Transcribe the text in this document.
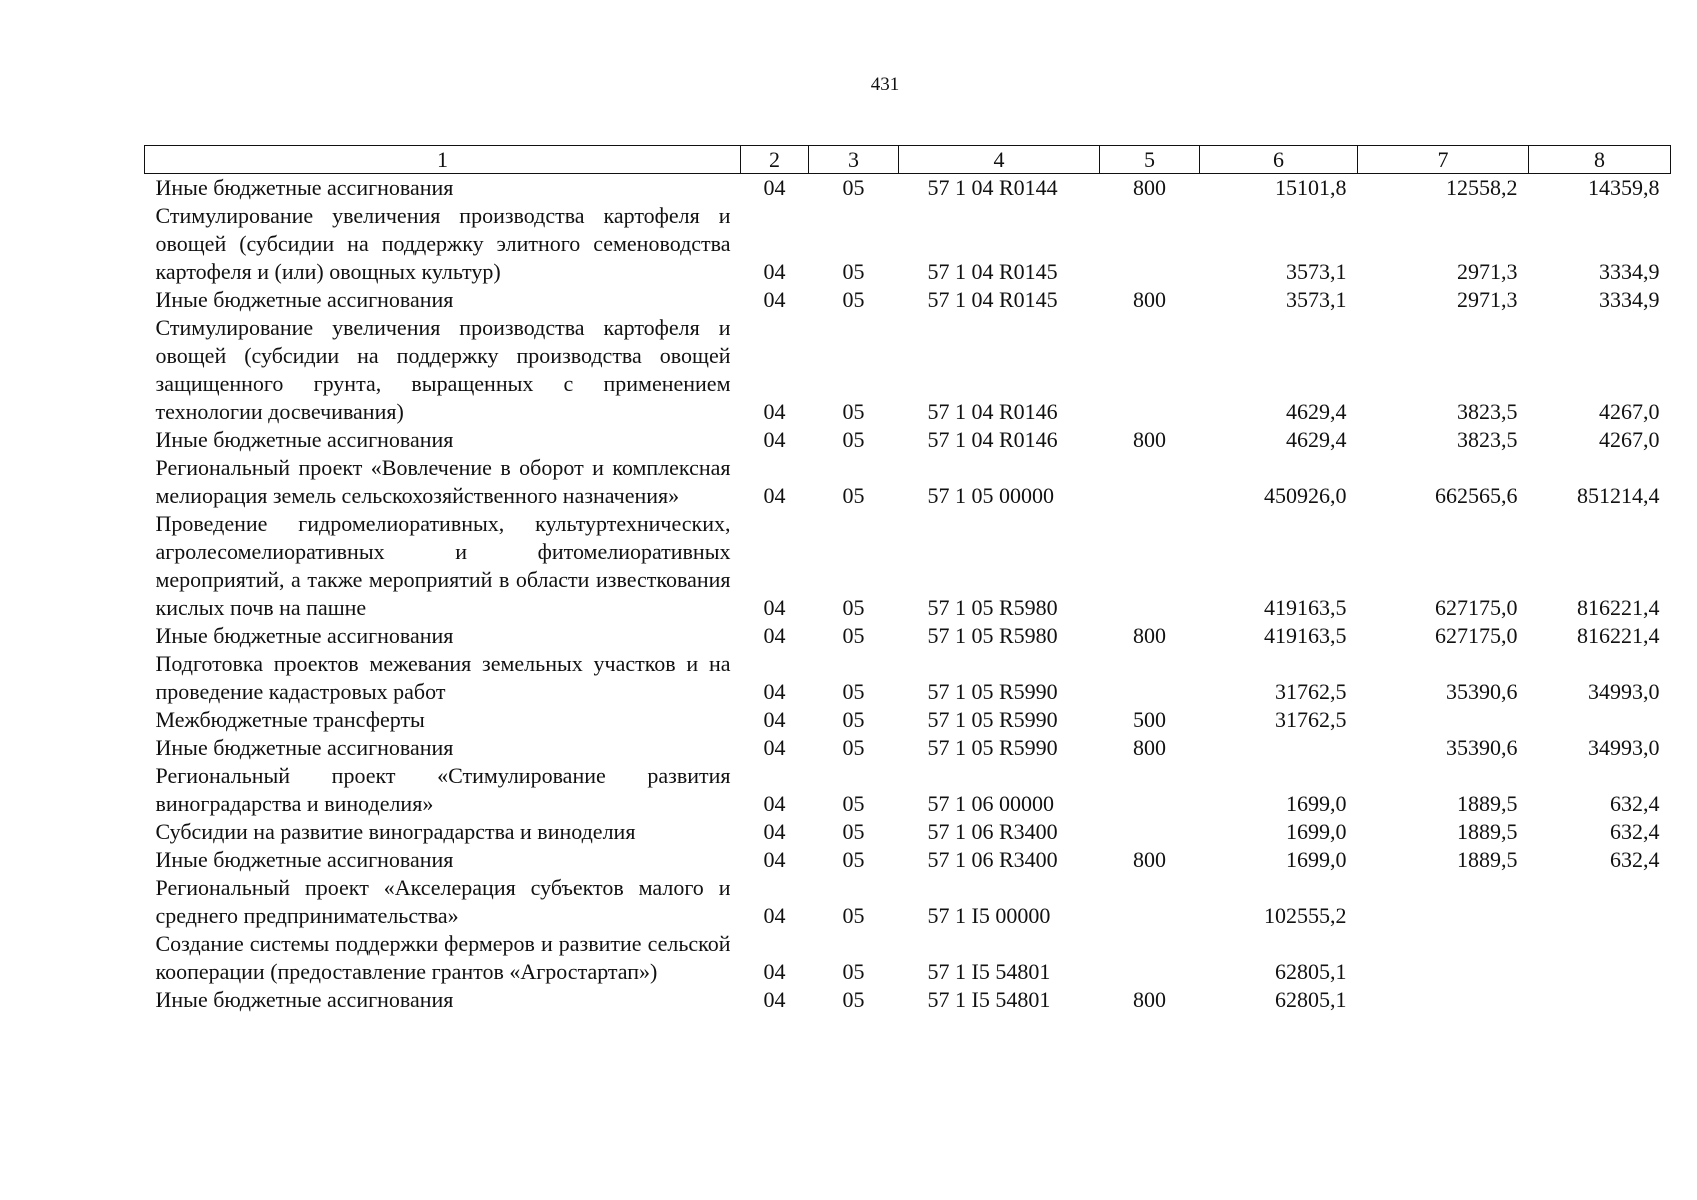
431
1	2	3	4	5	6	7	8
Иные бюджетные ассигнования	04	05	57 1 04 R0144	800	15101,8	12558,2	14359,8
Стимулирование увеличения производства картофеля и овощей (субсидии на поддержку элитного семеноводства картофеля и (или) овощных культур)	04	05	57 1 04 R0145		3573,1	2971,3	3334,9
Иные бюджетные ассигнования	04	05	57 1 04 R0145	800	3573,1	2971,3	3334,9
Стимулирование увеличения производства картофеля и овощей (субсидии на поддержку производства овощей защищенного грунта, выращенных с применением технологии досвечивания)	04	05	57 1 04 R0146		4629,4	3823,5	4267,0
Иные бюджетные ассигнования	04	05	57 1 04 R0146	800	4629,4	3823,5	4267,0
Региональный проект «Вовлечение в оборот и комплексная мелиорация земель сельскохозяйственного назначения»	04	05	57 1 05 00000		450926,0	662565,6	851214,4
Проведение гидромелиоративных, культуртехнических, агролесомелиоративных и фитомелиоративных мероприятий, а также мероприятий в области известкования кислых почв на пашне	04	05	57 1 05 R5980		419163,5	627175,0	816221,4
Иные бюджетные ассигнования	04	05	57 1 05 R5980	800	419163,5	627175,0	816221,4
Подготовка проектов межевания земельных участков и на проведение кадастровых работ	04	05	57 1 05 R5990		31762,5	35390,6	34993,0
Межбюджетные трансферты	04	05	57 1 05 R5990	500	31762,5		
Иные бюджетные ассигнования	04	05	57 1 05 R5990	800		35390,6	34993,0
Региональный проект «Стимулирование развития виноградарства и виноделия»	04	05	57 1 06 00000		1699,0	1889,5	632,4
Субсидии на развитие виноградарства и виноделия	04	05	57 1 06 R3400		1699,0	1889,5	632,4
Иные бюджетные ассигнования	04	05	57 1 06 R3400	800	1699,0	1889,5	632,4
Региональный проект «Акселерация субъектов малого и среднего предпринимательства»	04	05	57 1 I5 00000		102555,2		
Создание системы поддержки фермеров и развитие сельской кооперации (предоставление грантов «Агростартап»)	04	05	57 1 I5 54801		62805,1		
Иные бюджетные ассигнования	04	05	57 1 I5 54801	800	62805,1		
